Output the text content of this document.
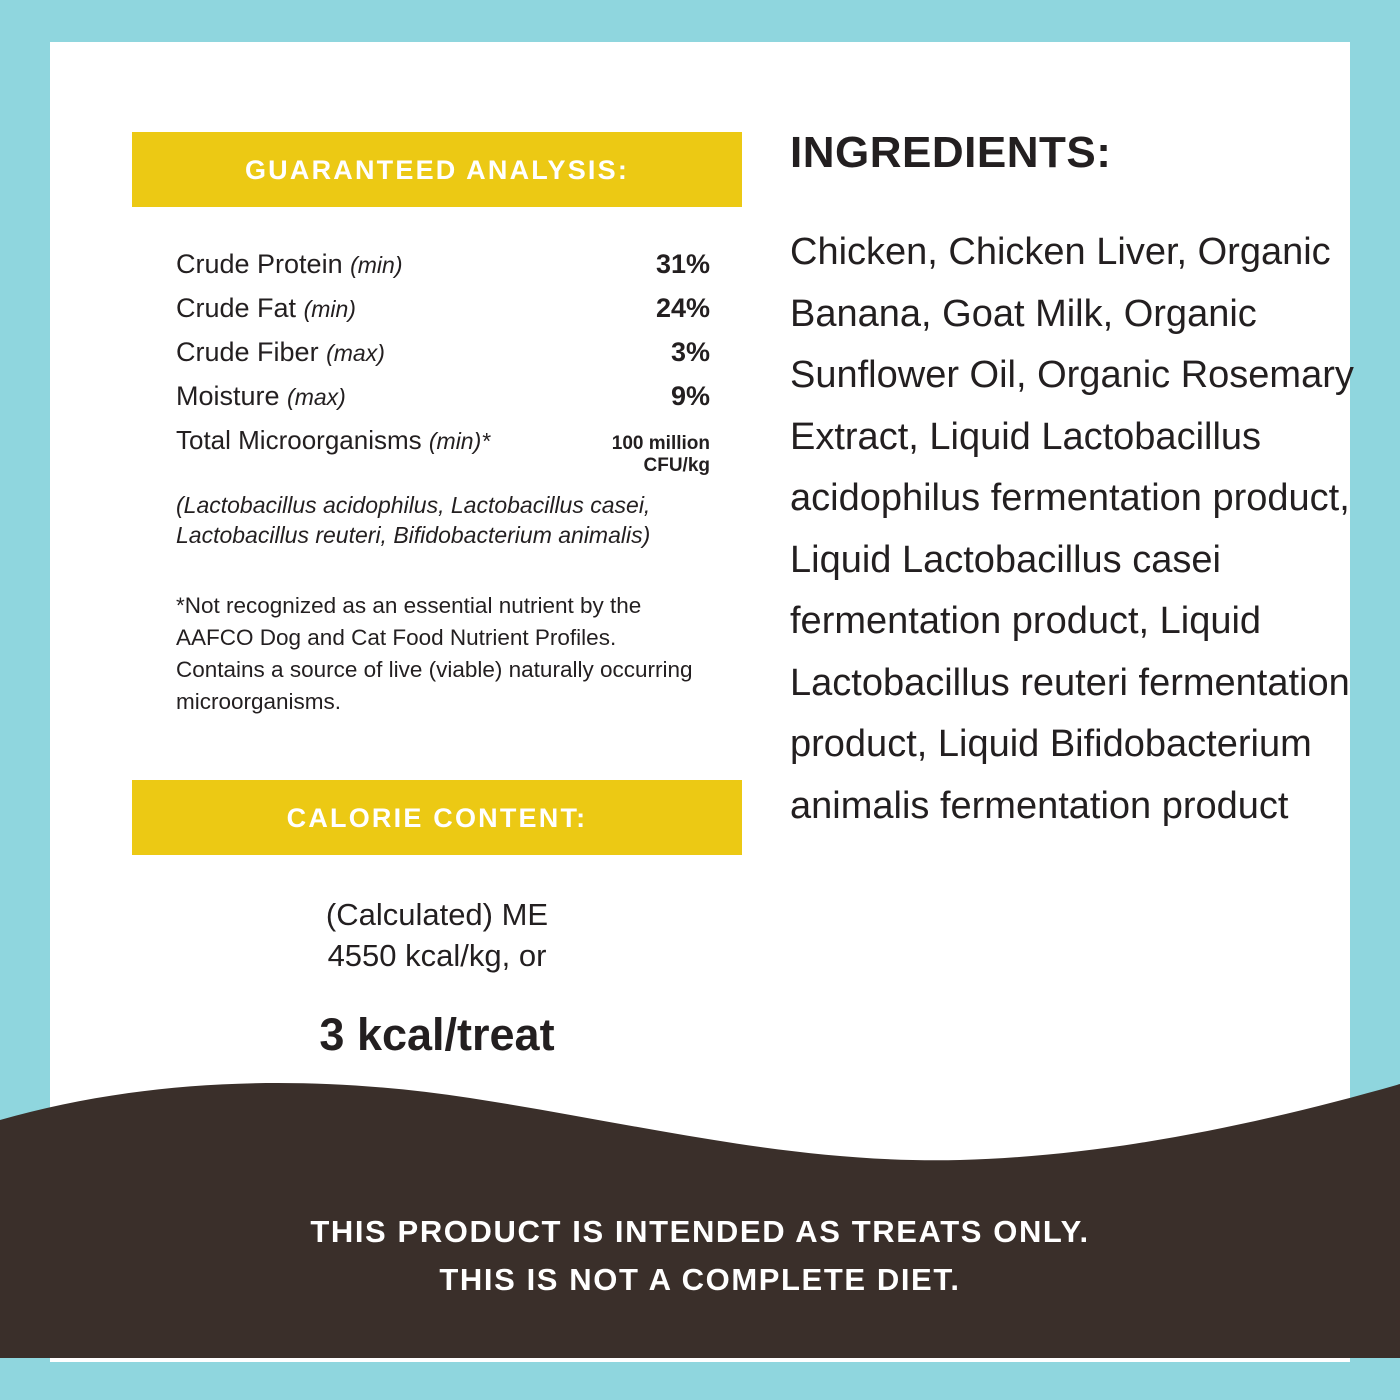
GUARANTEED ANALYSIS:
Crude Protein (min)	31%
Crude Fat (min)	24%
Crude Fiber (max)	3%
Moisture (max)	9%
Total Microorganisms (min)*	100 million
CFU/kg
(Lactobacillus acidophilus, Lactobacillus casei, Lactobacillus reuteri, Bifidobacterium animalis)
*Not recognized as an essential nutrient by the AAFCO Dog and Cat Food Nutrient Profiles. Contains a source of live (viable) naturally occurring microorganisms.
CALORIE CONTENT:
(Calculated) ME
4550 kcal/kg, or
3 kcal/treat
INGREDIENTS:
Chicken, Chicken Liver, Organic Banana, Goat Milk, Organic Sunflower Oil, Organic Rosemary Extract, Liquid Lactobacillus acidophilus fermentation product, Liquid Lactobacillus casei fermentation product, Liquid Lactobacillus reuteri fermentation product, Liquid Bifidobacterium animalis fermentation product
THIS PRODUCT IS INTENDED AS TREATS ONLY.
THIS IS NOT A COMPLETE DIET.
